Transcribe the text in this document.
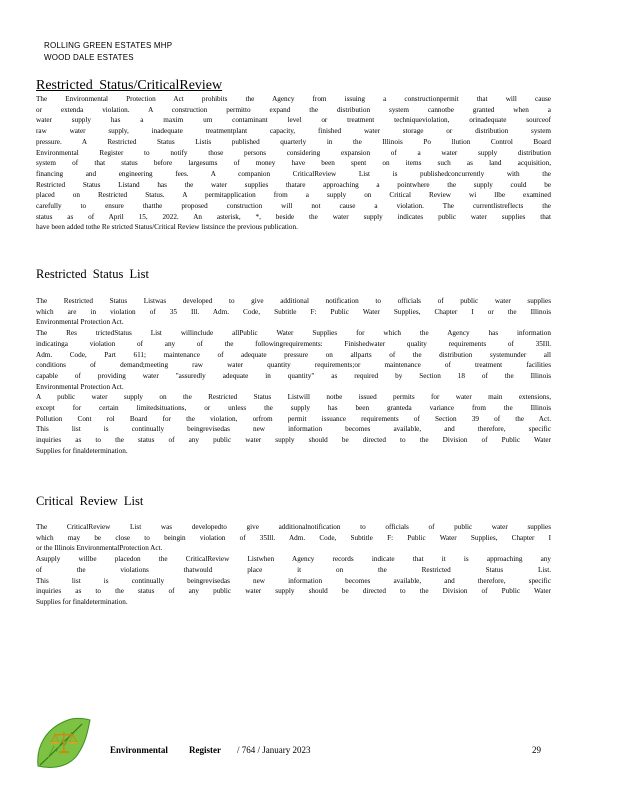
ROLLING GREEN ESTATES MHP
WOOD DALE ESTATES
Restricted Status/CriticalReview
The Environmental Protection Act prohibits the Agency from issuing a constructionpermit that will cause
or extenda violation. A construction permitto expand the distribution system cannotbe granted when a
water supply has a maxim um contaminant level or treatment techniqueviolation, orinadequate sourceof
raw water supply, inadequate treatmentplant capacity, finished water storage or distribution system
pressure. A Restricted Status Listis published quarterly in the Illinois Po llution Control Board
Environmental Register to notify those persons considering expansion of a water supply distribution
system of that status before largesums of money have been spent on items such as land acquisition,
financing and engineering fees. A companion CriticalReview List is publishedconcurrently with the
Restricted Status Listand has the water supplies thatare approaching a pointwhere the supply could be
placed on Restricted Status. A permitapplication from a supply on Critical Review wi llbe examined
carefully to ensure thatthe proposed construction will not cause a violation. The currentlistreflects the
status as of April 15, 2022. An asterisk, *, beside the water supply indicates public water supplies that
have been added tothe Re stricted Status/Critical Review listsince the previous publication.
Restricted Status List
The Restricted Status Listwas developed to give additional notification to officials of public water supplies
which are in violation of 35 Ill. Adm. Code, Subtitle F: Public Water Supplies, Chapter I or the Illinois
Environmental Protection Act.
The Res trictedStatus List willinclude allPublic Water Supplies for which the Agency has information
indicatinga violation of any of the followingrequirements: Finishedwater quality requirements of 35Ill.
Adm. Code, Part 611; maintenance of adequate pressure on allparts of the distribution systemunder all
conditions of demand;meeting raw water quantity requirements;or maintenance of treatment facilities
capable of providing water "assuredly adequate in quantity" as required by Section 18 of the Illinois
Environmental Protection Act.
A public water supply on the Restricted Status Listwill notbe issued permits for water main extensions,
except for certain limitedsituations, or unless the supply has been granteda variance from the Illinois
Pollution Cont rol Board for the violation, orfrom permit issuance requirements of Section 39 of the Act.
This list is continually beingrevisedas new information becomes available, and therefore, specific
inquiries as to the status of any public water supply should be directed to the Division of Public Water
Supplies for finaldetermination.
Critical Review List
The CriticalReview List was developedto give additionalnotification to officials of public water supplies
which may be close to beingin violation of 35Ill. Adm. Code, Subtitle F: Public Water Supplies, Chapter I
or the Illinois EnvironmentalProtection Act.
Asupply willbe placedon the CriticalReview Listwhen Agency records indicate that it is approaching any
of the violations thatwould place it on the Restricted Status List.
This list is continually beingrevisedas new information becomes available, and therefore, specific
inquiries as to the status of any public water supply should be directed to the Division of Public Water
Supplies for finaldetermination.
Environmental Register / 764 / January 2023	29
